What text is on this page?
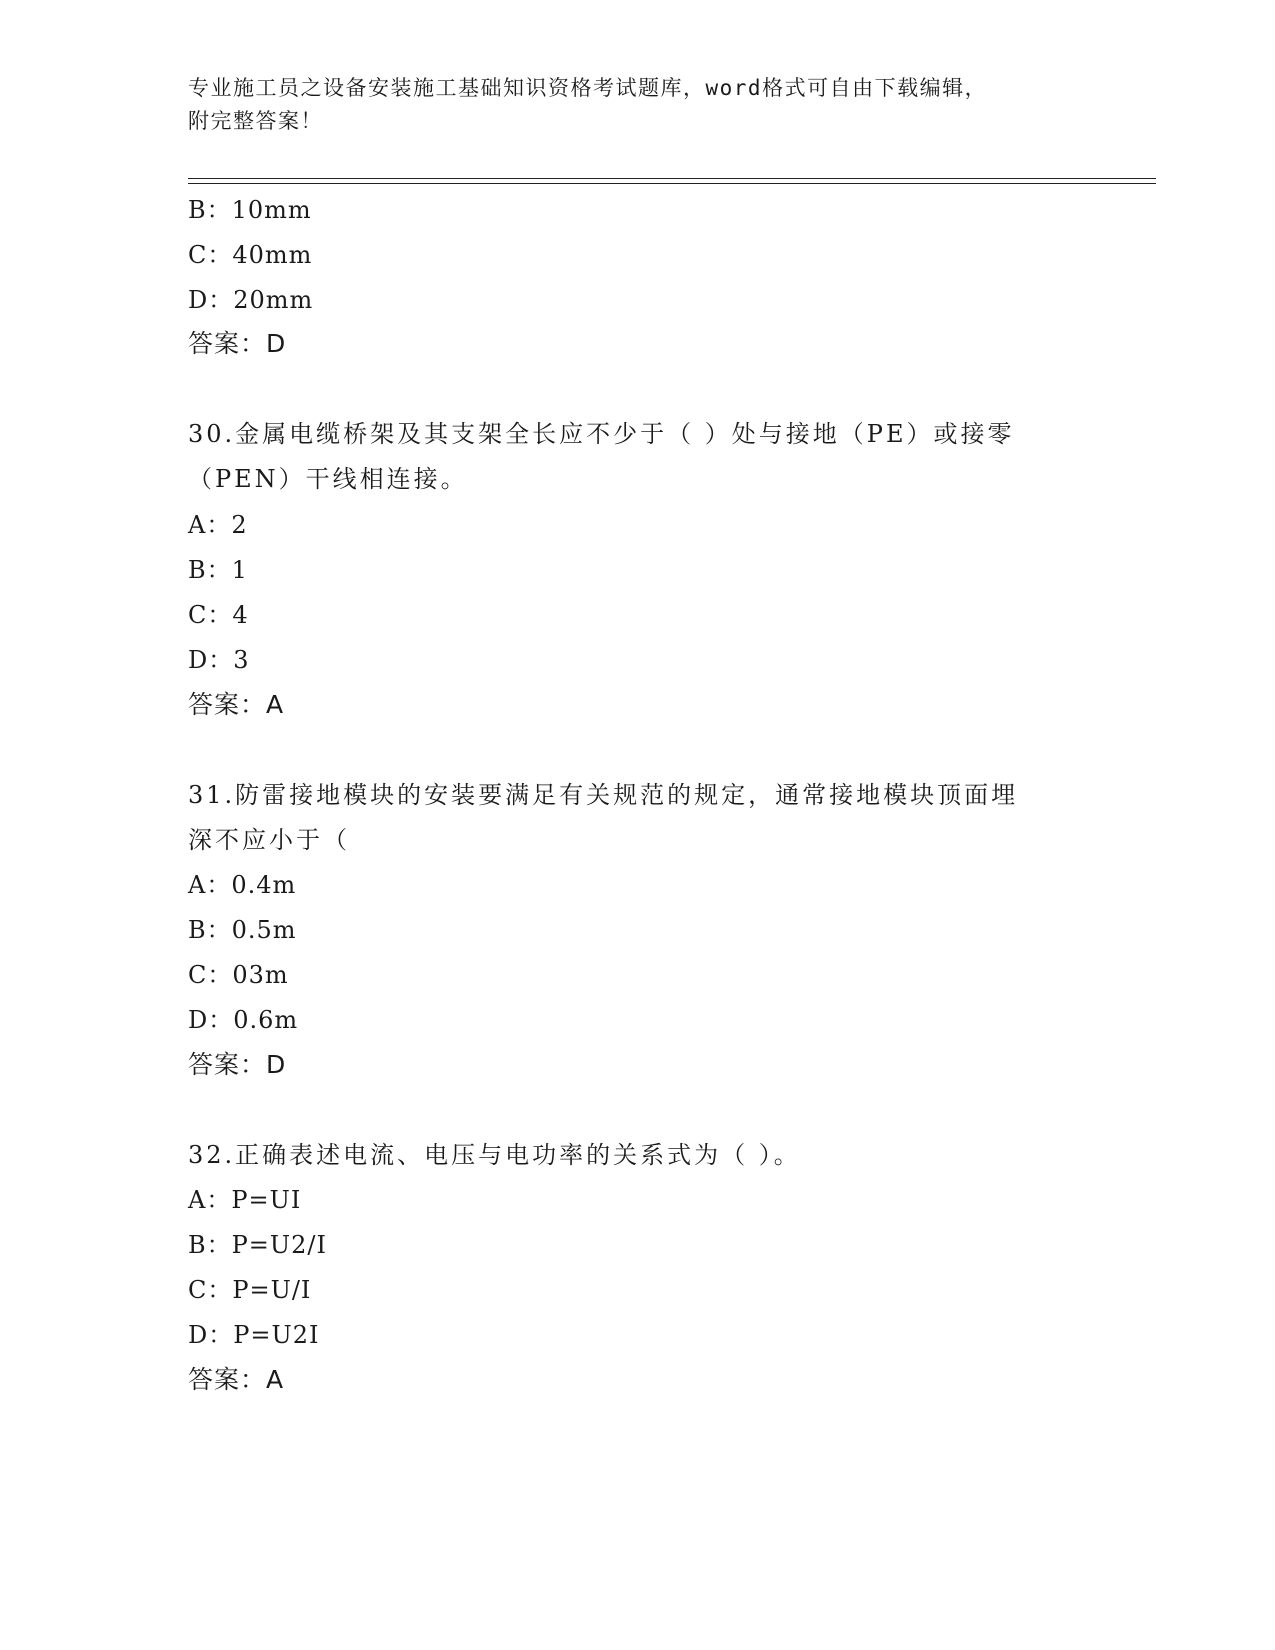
专业施工员之设备安装施工基础知识资格考试题库，word格式可自由下载编辑，
附完整答案！
B：10mm
C：40mm
D：20mm
答案：D
30.金属电缆桥架及其支架全长应不少于（ ）处与接地（PE）或接零
（PEN）干线相连接。
A：2
B：1
C：4
D：3
答案：A
31.防雷接地模块的安装要满足有关规范的规定，通常接地模块顶面埋
深不应小于（
A：0.4m
B：0.5m
C：03m
D：0.6m
答案：D
32.正确表述电流、电压与电功率的关系式为（ ）。
A：P=UI
B：P=U2/I
C：P=U/I
D：P=U2I
答案：A
